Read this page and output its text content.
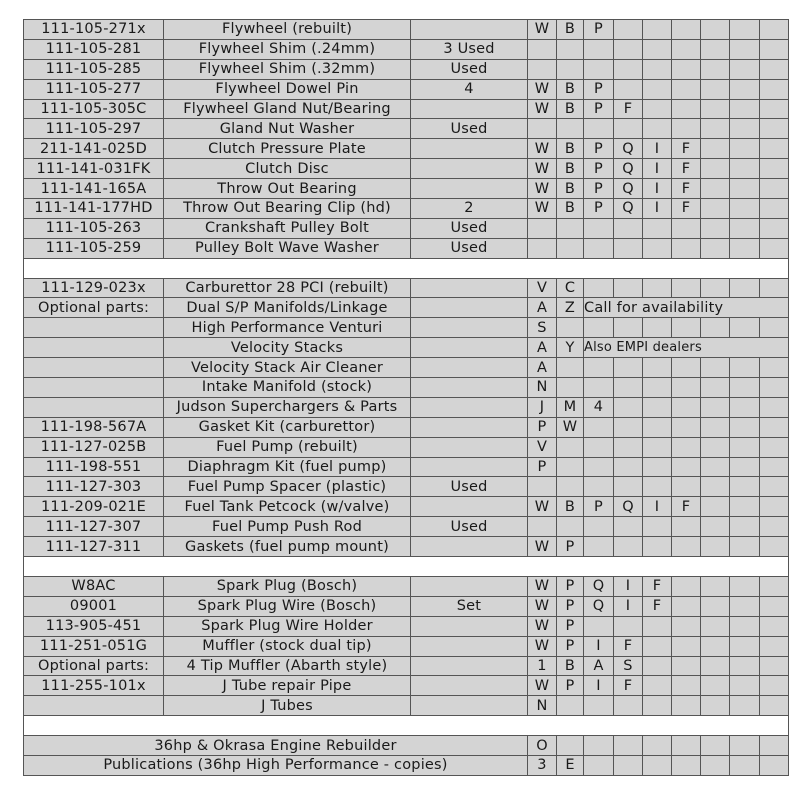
111-105-271x	Flywheel (rebuilt)		W	B	P						
111-105-281	Flywheel Shim (.24mm)	3 Used									
111-105-285	Flywheel Shim (.32mm)	Used									
111-105-277	Flywheel Dowel Pin	4	W	B	P						
111-105-305C	Flywheel Gland Nut/Bearing		W	B	P	F					
111-105-297	Gland Nut Washer	Used									
211-141-025D	Clutch Pressure Plate		W	B	P	Q	I	F			
111-141-031FK	Clutch Disc		W	B	P	Q	I	F			
111-141-165A	Throw Out Bearing		W	B	P	Q	I	F			
111-141-177HD	Throw Out Bearing Clip (hd)	2	W	B	P	Q	I	F			
111-105-263	Crankshaft Pulley Bolt	Used									
111-105-259	Pulley Bolt Wave Washer	Used									

111-129-023x	Carburettor 28 PCI (rebuilt)		V	C							
Optional parts:	Dual S/P Manifolds/Linkage		A	Z	Call for availability						
	High Performance Venturi		S								
	Velocity Stacks		A	Y	Also EMPI dealers						
	Velocity Stack Air Cleaner		A								
	Intake Manifold (stock)		N								
	Judson Superchargers & Parts		J	M	4						
111-198-567A	Gasket Kit (carburettor)		P	W							
111-127-025B	Fuel Pump (rebuilt)		V								
111-198-551	Diaphragm Kit (fuel pump)		P								
111-127-303	Fuel Pump Spacer (plastic)	Used									
111-209-021E	Fuel Tank Petcock (w/valve)		W	B	P	Q	I	F			
111-127-307	Fuel Pump Push Rod	Used									
111-127-311	Gaskets (fuel pump mount)		W	P							

W8AC	Spark Plug (Bosch)		W	P	Q	I	F				
09001	Spark Plug Wire (Bosch)	Set	W	P	Q	I	F				
113-905-451	Spark Plug Wire Holder		W	P							
111-251-051G	Muffler (stock dual tip)		W	P	I	F					
Optional parts:	4 Tip Muffler (Abarth style)		1	B	A	S					
111-255-101x	J Tube repair Pipe		W	P	I	F					
	J Tubes		N								

36hp & Okrasa Engine Rebuilder			O								
Publications (36hp High Performance - copies)			3	E							
